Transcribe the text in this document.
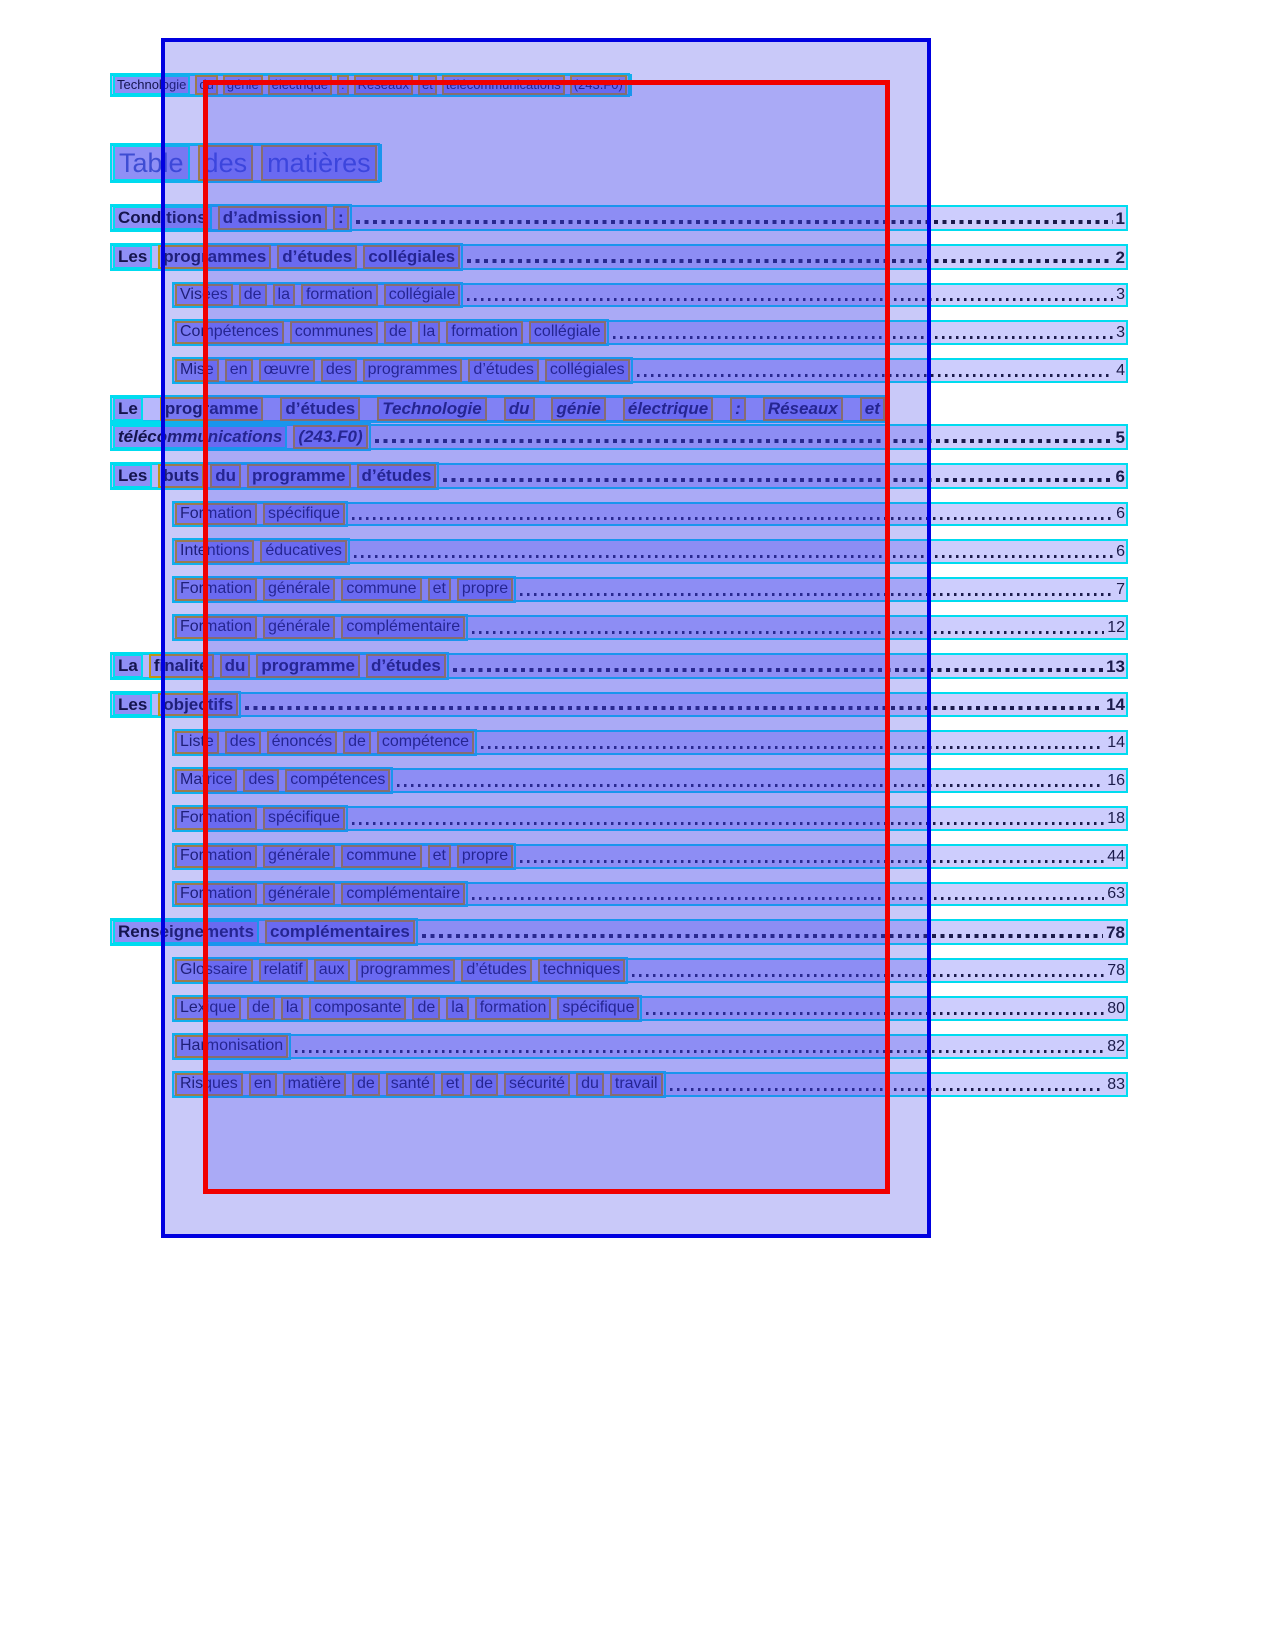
Technologie	du	génie	électrique	:	Réseaux	et	télécommunications	(243.F0)
Table des matières
Conditions d’admission :	1
Les programmes d’études collégiales	2
Visées	de	la	formation	collégiale	3
Compétences	communes	de	la	formation	collégiale	3
Mise	en	œuvre	des	programmes	d’études	collégiales	4
Le programme d’études Technologie du génie électrique : Réseaux et
télécommunications (243.F0)	5
Les buts du programme d’études	6
Formation	spécifique	6
Intentions	éducatives	6
Formation	générale	commune	et	propre	7
Formation	générale	complémentaire	12
La finalité du programme d’études	13
Les objectifs	14
Liste	des	énoncés	de	compétence	14
Matrice	des	compétences	16
Formation	spécifique	18
Formation	générale	commune	et	propre	44
Formation	générale	complémentaire	63
Renseignements complémentaires	78
Glossaire	relatif	aux	programmes	d’études	techniques	78
Lexique	de	la	composante	de	la	formation	spécifique	80
Harmonisation	82
Risques	en	matière	de	santé	et	de	sécurité	du	travail	83
